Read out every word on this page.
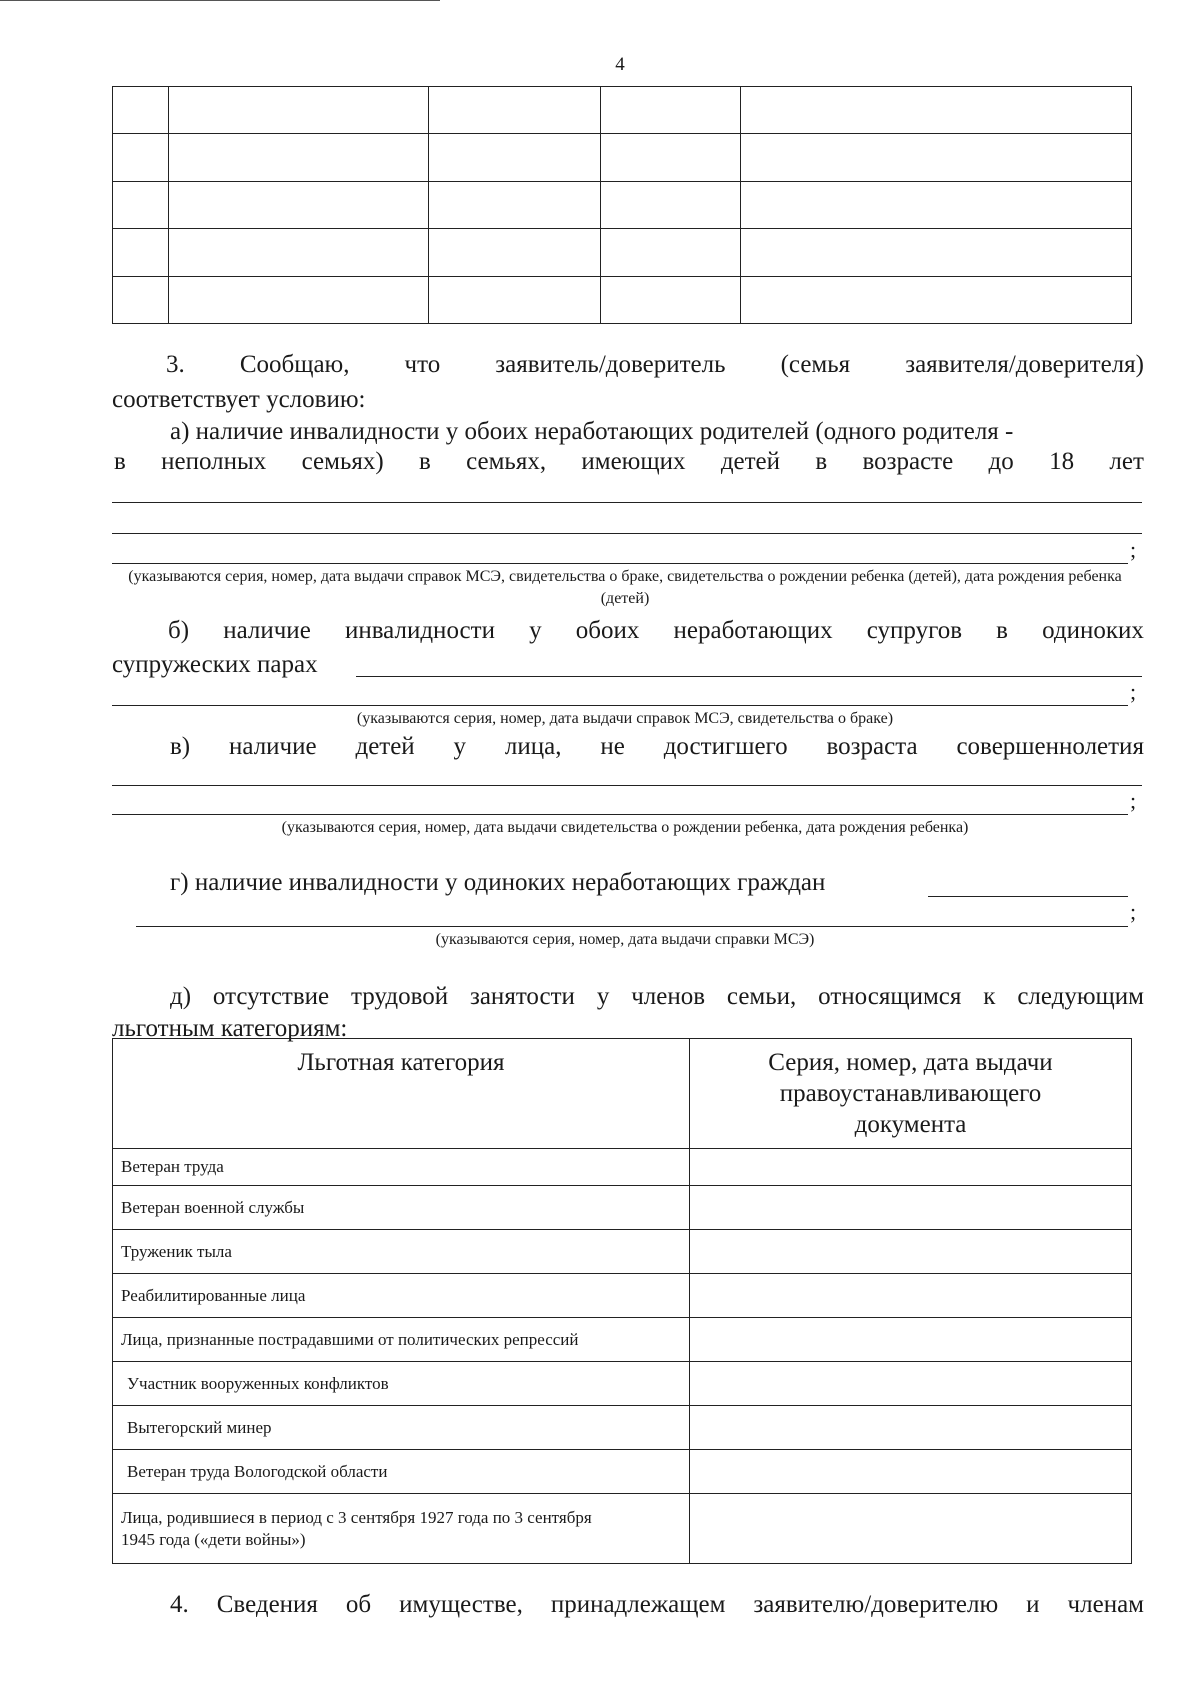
4

3. Сообщаю, что заявитель/доверитель (семья заявителя/доверителя)
соответствует условию:
а) наличие инвалидности у обоих неработающих родителей (одного родителя -
в неполных семьях) в семьях, имеющих детей в возрасте до 18 лет
;
(указываются серия, номер, дата выдачи справок МСЭ, свидетельства о браке, свидетельства о рождении ребенка (детей), дата рождения ребенка (детей)
б) наличие инвалидности у обоих неработающих супругов в одиноких
супружеских парах
;
(указываются серия, номер, дата выдачи справок МСЭ, свидетельства о браке)
в) наличие детей у лица, не достигшего возраста совершеннолетия
;
(указываются серия, номер, дата выдачи свидетельства о рождении ребенка, дата рождения ребенка)
г) наличие инвалидности у одиноких неработающих граждан
;
(указываются серия, номер, дата выдачи справки МСЭ)
д) отсутствие трудовой занятости у членов семьи, относящимся к следующим
льготным категориям:
Льготная категория	Серия, номер, дата выдачи правоустанавливающего документа
Ветеран труда	
Ветеран военной службы	
Труженик тыла	
Реабилитированные лица	
Лица, признанные пострадавшими от политических репрессий	
Участник вооруженных конфликтов	
Вытегорский минер	
Ветеран труда Вологодской области	
Лица, родившиеся в период с 3 сентября 1927 года по 3 сентября 1945 года («дети войны»)	
4. Сведения об имуществе, принадлежащем заявителю/доверителю и членам
